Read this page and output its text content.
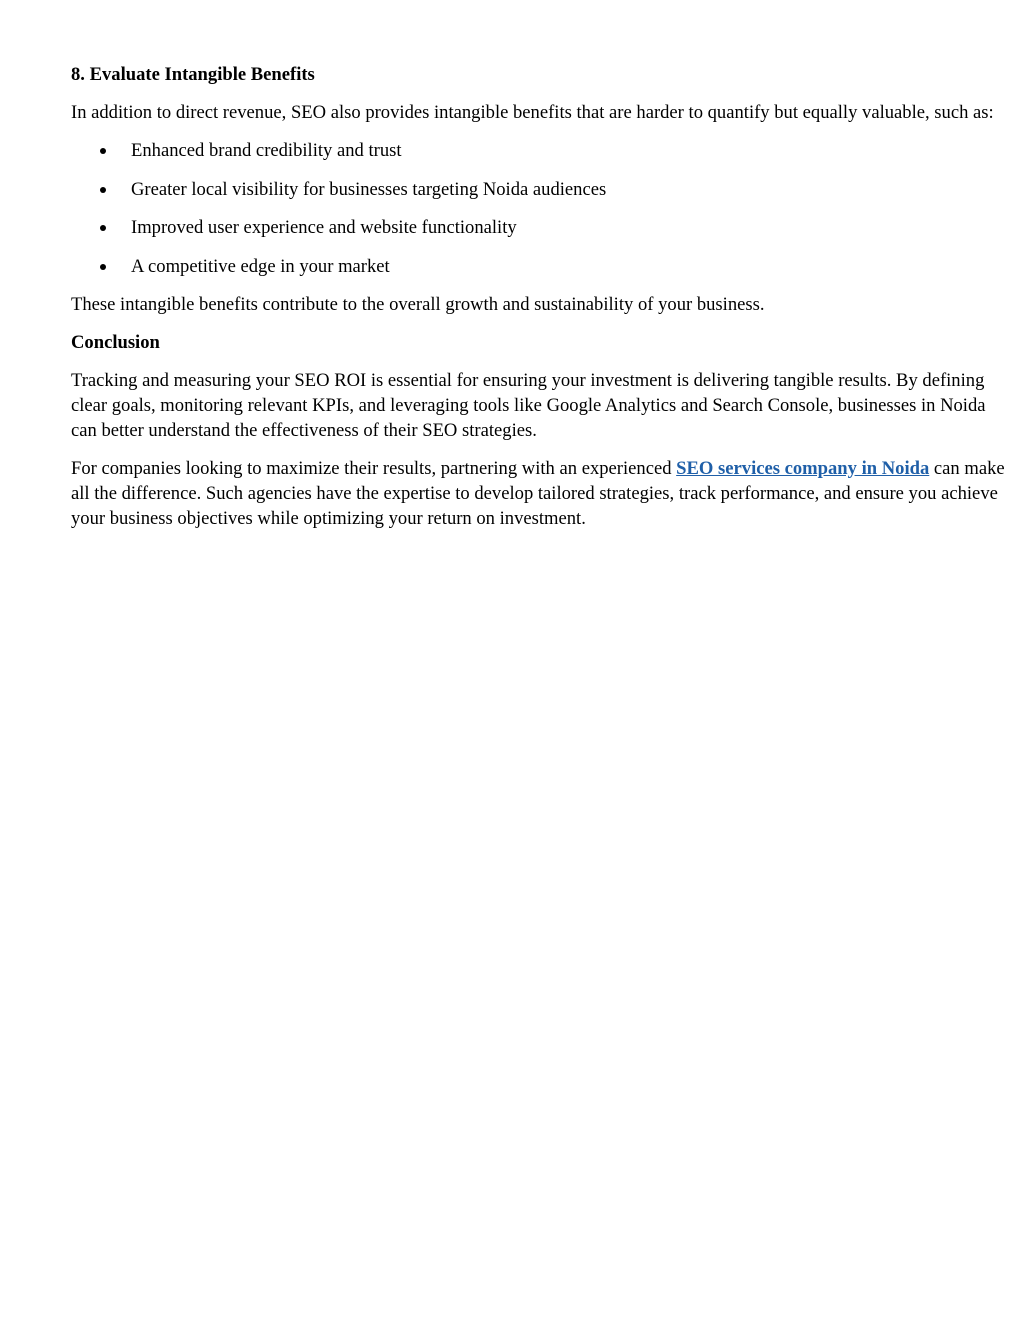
8. Evaluate Intangible Benefits
In addition to direct revenue, SEO also provides intangible benefits that are harder to quantify but equally valuable, such as:
Enhanced brand credibility and trust
Greater local visibility for businesses targeting Noida audiences
Improved user experience and website functionality
A competitive edge in your market
These intangible benefits contribute to the overall growth and sustainability of your business.
Conclusion
Tracking and measuring your SEO ROI is essential for ensuring your investment is delivering tangible results. By defining clear goals, monitoring relevant KPIs, and leveraging tools like Google Analytics and Search Console, businesses in Noida can better understand the effectiveness of their SEO strategies.
For companies looking to maximize their results, partnering with an experienced SEO services company in Noida can make all the difference. Such agencies have the expertise to develop tailored strategies, track performance, and ensure you achieve your business objectives while optimizing your return on investment.
